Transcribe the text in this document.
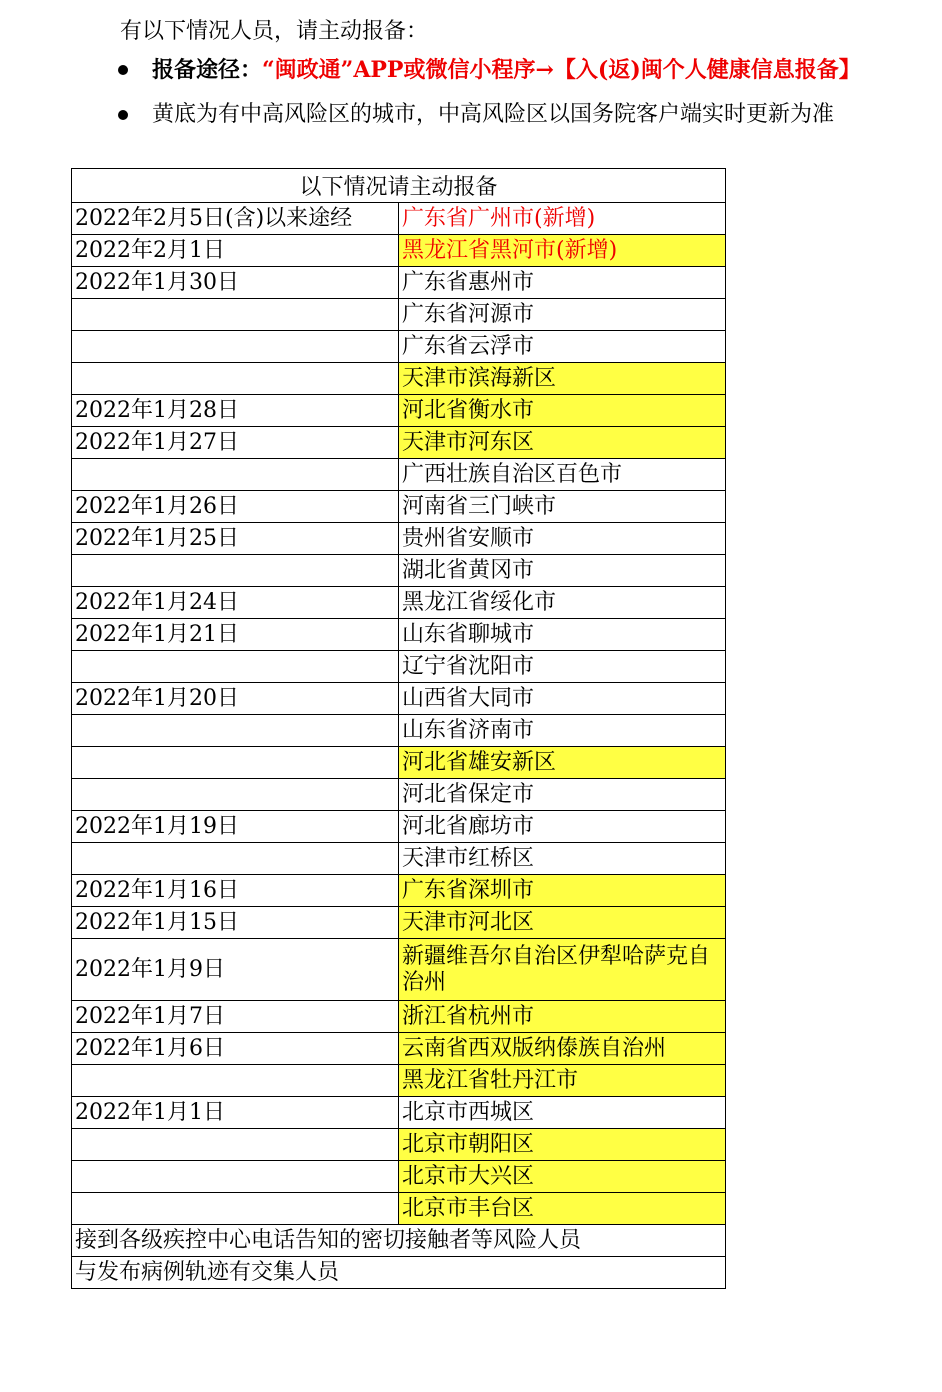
有以下情况人员，请主动报备：

报备途径：“闽政通”APP或微信小程序→【入(返)闽个人健康信息报备】
黄底为有中高风险区的城市，中高风险区以国务院客户端实时更新为准
以下情况请主动报备	
2022年2月5日(含)以来途经	广东省广州市(新增)
2022年2月1日	黑龙江省黑河市(新增)
2022年1月30日	广东省惠州市
	广东省河源市
	广东省云浮市
	天津市滨海新区
2022年1月28日	河北省衡水市
2022年1月27日	天津市河东区
	广西壮族自治区百色市
2022年1月26日	河南省三门峡市
2022年1月25日	贵州省安顺市
	湖北省黄冈市
2022年1月24日	黑龙江省绥化市
2022年1月21日	山东省聊城市
	辽宁省沈阳市
2022年1月20日	山西省大同市
	山东省济南市
	河北省雄安新区
	河北省保定市
2022年1月19日	河北省廊坊市
	天津市红桥区
2022年1月16日	广东省深圳市
2022年1月15日	天津市河北区
2022年1月9日	新疆维吾尔自治区伊犁哈萨克自治州
2022年1月7日	浙江省杭州市
2022年1月6日	云南省西双版纳傣族自治州
	黑龙江省牡丹江市
2022年1月1日	北京市西城区
	北京市朝阳区
	北京市大兴区
	北京市丰台区
接到各级疾控中心电话告知的密切接触者等风险人员	
与发布病例轨迹有交集人员	
